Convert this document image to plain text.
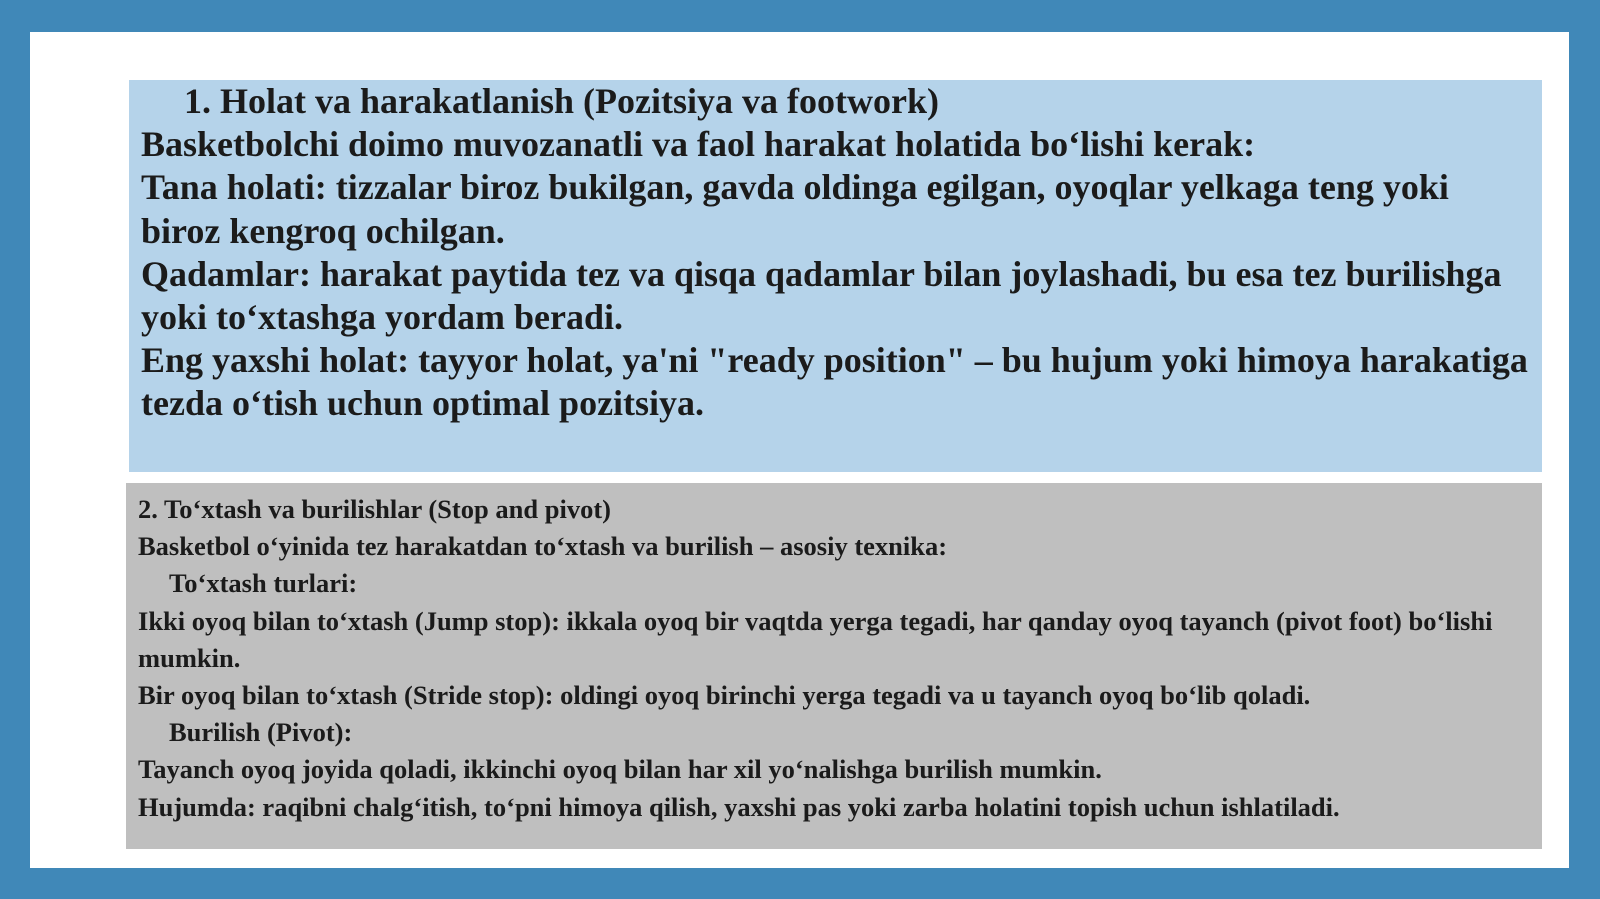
1. Holat va harakatlanish (Pozitsiya va footwork)
Basketbolchi doimo muvozanatli va faol harakat holatida bo‘lishi kerak:
Tana holati: tizzalar biroz bukilgan, gavda oldinga egilgan, oyoqlar yelkaga teng yoki biroz kengroq ochilgan.
Qadamlar: harakat paytida tez va qisqa qadamlar bilan joylashadi, bu esa tez burilishga yoki to‘xtashga yordam beradi.
Eng yaxshi holat: tayyor holat, ya'ni "ready position" – bu hujum yoki himoya harakatiga tezda o‘tish uchun optimal pozitsiya.
2. To‘xtash va burilishlar (Stop and pivot)
Basketbol o‘yinida tez harakatdan to‘xtash va burilish – asosiy texnika:
To‘xtash turlari:
Ikki oyoq bilan to‘xtash (Jump stop): ikkala oyoq bir vaqtda yerga tegadi, har qanday oyoq tayanch (pivot foot) bo‘lishi mumkin.
Bir oyoq bilan to‘xtash (Stride stop): oldingi oyoq birinchi yerga tegadi va u tayanch oyoq bo‘lib qoladi.
Burilish (Pivot):
Tayanch oyoq joyida qoladi, ikkinchi oyoq bilan har xil yo‘nalishga burilish mumkin.
Hujumda: raqibni chalg‘itish, to‘pni himoya qilish, yaxshi pas yoki zarba holatini topish uchun ishlatiladi.
